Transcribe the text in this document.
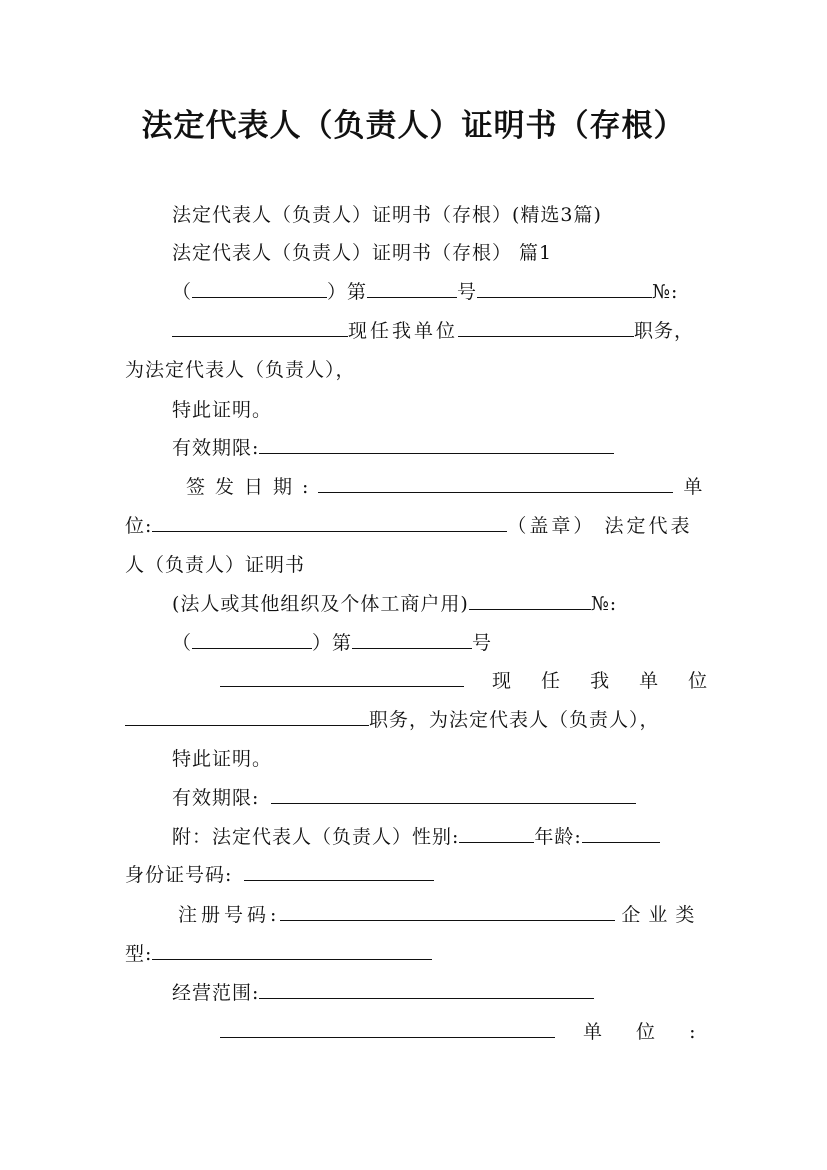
法定代表人（负责人）证明书（存根）
法定代表人（负责人）证明书（存根）(精选3篇)
法定代表人（负责人）证明书（存根） 篇1
（	）第	号	№:
现任我单位	职务，
为法定代表人（负责人），
特此证明。
有效期限:
签发日期:	单
位:	（盖章） 法定代表
人（负责人）证明书
(法人或其他组织及个体工商户用)	№:
（	）第	号
现 任 我 单 位
职务，为法定代表人（负责人），
特此证明。
有效期限:
附：法定代表人（负责人）性别:	年龄:
身份证号码:
注册号码:	企业类
型:
经营范围:
单 位 :
